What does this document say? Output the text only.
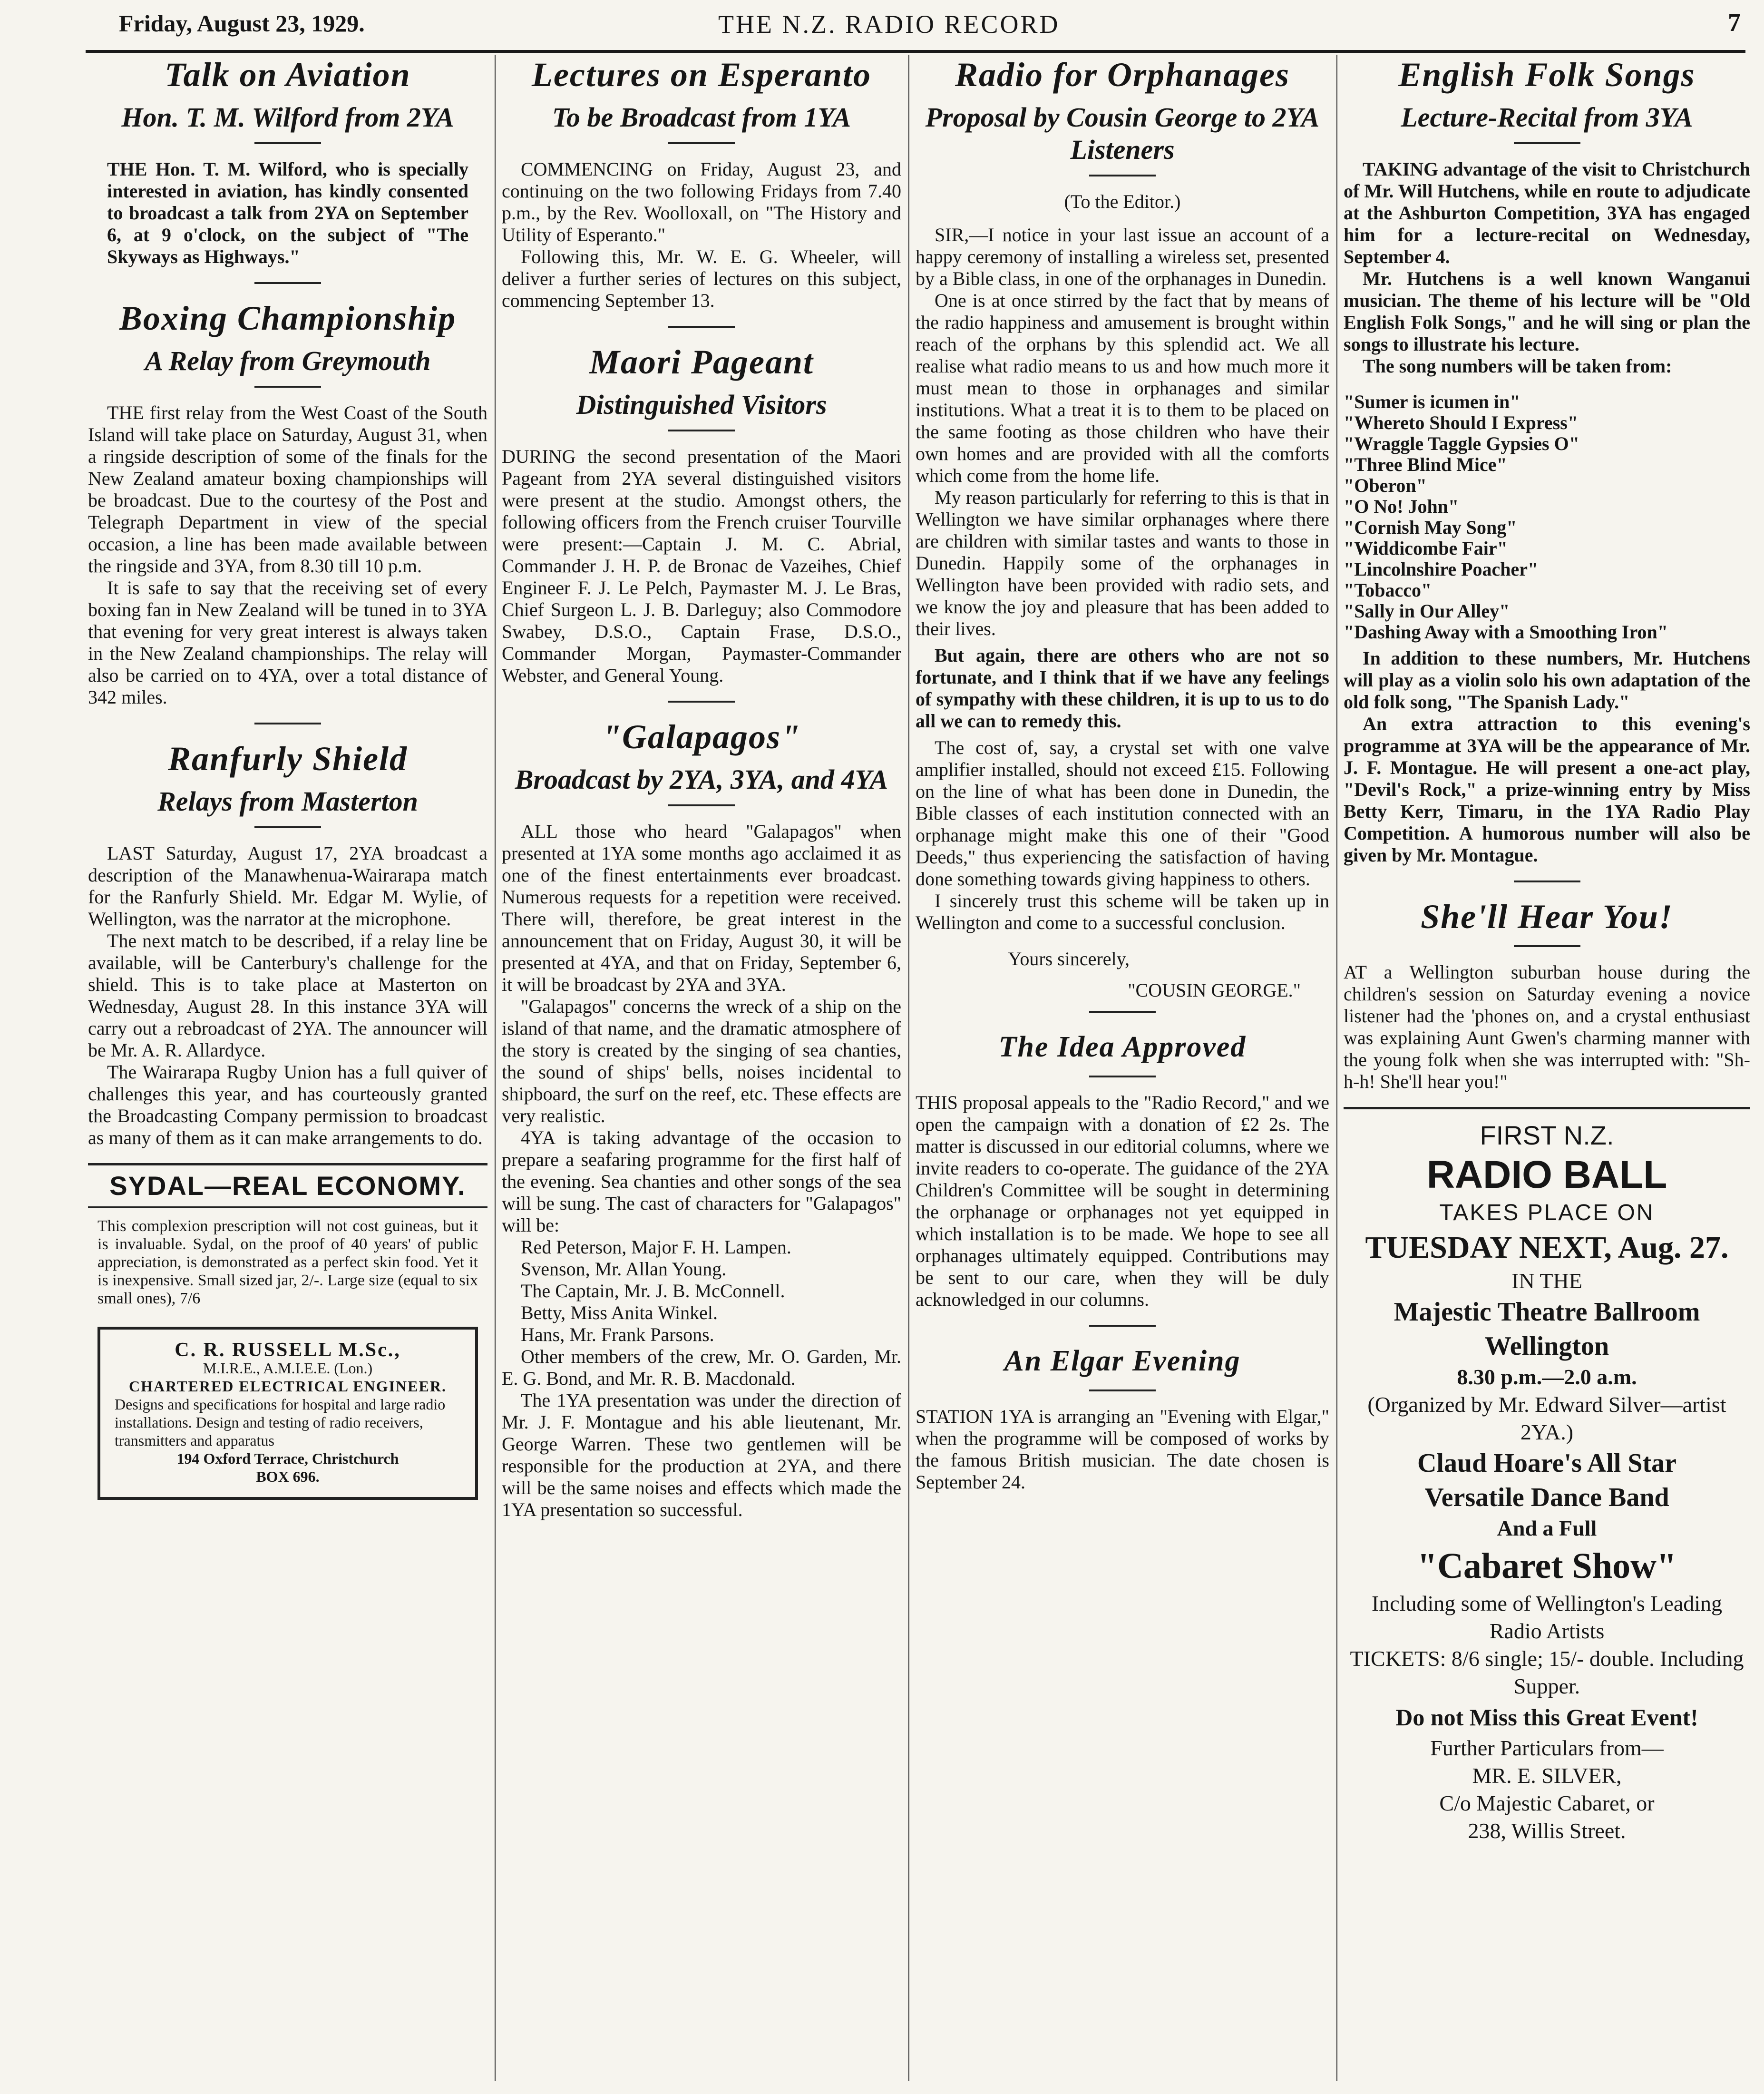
Friday, August 23, 1929.	THE N.Z. RADIO RECORD	7
Talk on Aviation
Hon. T. M. Wilford from 2YA
THE Hon. T. M. Wilford, who is specially interested in aviation, has kindly consented to broadcast a talk from 2YA on September 6, at 9 o'clock, on the subject of "The Skyways as Highways."
Boxing Championship
A Relay from Greymouth

THE first relay from the West Coast of the South Island will take place on Saturday, August 31, when a ringside description of some of the finals for the New Zealand amateur boxing championships will be broadcast. Due to the courtesy of the Post and Telegraph Department in view of the special occasion, a line has been made available between the ringside and 3YA, from 8.30 till 10 p.m.

It is safe to say that the receiving set of every boxing fan in New Zealand will be tuned in to 3YA that evening for very great interest is always taken in the New Zealand championships. The relay will also be carried on to 4YA, over a total distance of 342 miles.

Ranfurly Shield
Relays from Masterton

LAST Saturday, August 17, 2YA broadcast a description of the Manawhenua-Wairarapa match for the Ranfurly Shield. Mr. Edgar M. Wylie, of Wellington, was the narrator at the microphone.

The next match to be described, if a relay line be available, will be Canterbury's challenge for the shield. This is to take place at Masterton on Wednesday, August 28. In this instance 3YA will carry out a rebroadcast of 2YA. The announcer will be Mr. A. R. Allardyce.

The Wairarapa Rugby Union has a full quiver of challenges this year, and has courteously granted the Broadcasting Company permission to broadcast as many of them as it can make arrangements to do.

SYDAL—REAL ECONOMY.
This complexion prescription will not cost guineas, but it is invaluable. Sydal, on the proof of 40 years' of public appreciation, is demonstrated as a perfect skin food. Yet it is inexpensive. Small sized jar, 2/-. Large size (equal to six small ones), 7/6
C. R. RUSSELL M.Sc.,
M.I.R.E., A.M.I.E.E. (Lon.)
CHARTERED ELECTRICAL ENGINEER.
Designs and specifications for hospital and large radio installations. Design and testing of radio receivers, transmitters and apparatus
194 Oxford Terrace, Christchurch
BOX 696.
Lectures on Esperanto
To be Broadcast from 1YA

COMMENCING on Friday, August 23, and continuing on the two following Fridays from 7.40 p.m., by the Rev. Woolloxall, on "The History and Utility of Esperanto."

Following this, Mr. W. E. G. Wheeler, will deliver a further series of lectures on this subject, commencing September 13.

Maori Pageant
Distinguished Visitors
DURING the second presentation of the Maori Pageant from 2YA several distinguished visitors were present at the studio. Amongst others, the following officers from the French cruiser Tourville were present:—Captain J. M. C. Abrial, Commander J. H. P. de Bronac de Vazeihes, Chief Engineer F. J. Le Pelch, Paymaster M. J. Le Bras, Chief Surgeon L. J. B. Darleguy; also Commodore Swabey, D.S.O., Captain Frase, D.S.O., Commander Morgan, Paymaster-Commander Webster, and General Young.
"Galapagos"
Broadcast by 2YA, 3YA, and 4YA

ALL those who heard "Galapagos" when presented at 1YA some months ago acclaimed it as one of the finest entertainments ever broadcast. Numerous requests for a repetition were received. There will, therefore, be great interest in the announcement that on Friday, August 30, it will be presented at 4YA, and that on Friday, September 6, it will be broadcast by 2YA and 3YA.

"Galapagos" concerns the wreck of a ship on the island of that name, and the dramatic atmosphere of the story is created by the singing of sea chanties, the sound of ships' bells, noises incidental to shipboard, the surf on the reef, etc. These effects are very realistic.

4YA is taking advantage of the occasion to prepare a seafaring programme for the first half of the evening. Sea chanties and other songs of the sea will be sung. The cast of characters for "Galapagos" will be:

Red Peterson, Major F. H. Lampen.

Svenson, Mr. Allan Young.

The Captain, Mr. J. B. McConnell.

Betty, Miss Anita Winkel.

Hans, Mr. Frank Parsons.

Other members of the crew, Mr. O. Garden, Mr. E. G. Bond, and Mr. R. B. Macdonald.

The 1YA presentation was under the direction of Mr. J. F. Montague and his able lieutenant, Mr. George Warren. These two gentlemen will be responsible for the production at 2YA, and there will be the same noises and effects which made the 1YA presentation so successful.

Radio for Orphanages
Proposal by Cousin George to 2YA Listeners
(To the Editor.)

SIR,—I notice in your last issue an account of a happy ceremony of installing a wireless set, presented by a Bible class, in one of the orphanages in Dunedin.

One is at once stirred by the fact that by means of the radio happiness and amusement is brought within reach of the orphans by this splendid act. We all realise what radio means to us and how much more it must mean to those in orphanages and similar institutions. What a treat it is to them to be placed on the same footing as those children who have their own homes and are provided with all the comforts which come from the home life.

My reason particularly for referring to this is that in Wellington we have similar orphanages where there are children with similar tastes and wants to those in Dunedin. Happily some of the orphanages in Wellington have been provided with radio sets, and we know the joy and pleasure that has been added to their lives.

But again, there are others who are not so fortunate, and I think that if we have any feelings of sympathy with these children, it is up to us to do all we can to remedy this.

The cost of, say, a crystal set with one valve amplifier installed, should not exceed £15. Following on the line of what has been done in Dunedin, the Bible classes of each institution connected with an orphanage might make this one of their "Good Deeds," thus experiencing the satisfaction of having done something towards giving happiness to others.

I sincerely trust this scheme will be taken up in Wellington and come to a successful conclusion.

Yours sincerely,
"COUSIN GEORGE."
The Idea Approved
THIS proposal appeals to the "Radio Record," and we open the campaign with a donation of £2 2s. The matter is discussed in our editorial columns, where we invite readers to co-operate. The guidance of the 2YA Children's Committee will be sought in determining the orphanage or orphanages not yet equipped in which installation is to be made. We hope to see all orphanages ultimately equipped. Contributions may be sent to our care, when they will be duly acknowledged in our columns.
An Elgar Evening
STATION 1YA is arranging an "Evening with Elgar," when the programme will be composed of works by the famous British musician. The date chosen is September 24.
English Folk Songs
Lecture-Recital from 3YA

TAKING advantage of the visit to Christchurch of Mr. Will Hutchens, while en route to adjudicate at the Ashburton Competition, 3YA has engaged him for a lecture-recital on Wednesday, September 4.

Mr. Hutchens is a well known Wanganui musician. The theme of his lecture will be "Old English Folk Songs," and he will sing or plan the songs to illustrate his lecture.

The song numbers will be taken from:

"Sumer is icumen in"
"Whereto Should I Express"
"Wraggle Taggle Gypsies O"
"Three Blind Mice"
"Oberon"
"O No! John"
"Cornish May Song"
"Widdicombe Fair"
"Lincolnshire Poacher"
"Tobacco"
"Sally in Our Alley"
"Dashing Away with a Smoothing Iron"

In addition to these numbers, Mr. Hutchens will play as a violin solo his own adaptation of the old folk song, "The Spanish Lady."

An extra attraction to this evening's programme at 3YA will be the appearance of Mr. J. F. Montague. He will present a one-act play, "Devil's Rock," a prize-winning entry by Miss Betty Kerr, Timaru, in the 1YA Radio Play Competition. A humorous number will also be given by Mr. Montague.

She'll Hear You!
AT a Wellington suburban house during the children's session on Saturday evening a novice listener had the 'phones on, and a crystal enthusiast was explaining Aunt Gwen's charming manner with the young folk when she was interrupted with: "Sh-h-h! She'll hear you!"
FIRST N.Z.
RADIO BALL
TAKES PLACE ON
TUESDAY NEXT, Aug. 27.
IN THE
Majestic Theatre Ballroom
Wellington
8.30 p.m.—2.0 a.m.
(Organized by Mr. Edward Silver—artist 2YA.)
Claud Hoare's All Star
Versatile Dance Band
And a Full
"Cabaret Show"
Including some of Wellington's Leading Radio Artists
TICKETS: 8/6 single; 15/- double. Including Supper.
Do not Miss this Great Event!
Further Particulars from—
MR. E. SILVER,
C/o Majestic Cabaret, or
238, Willis Street.
